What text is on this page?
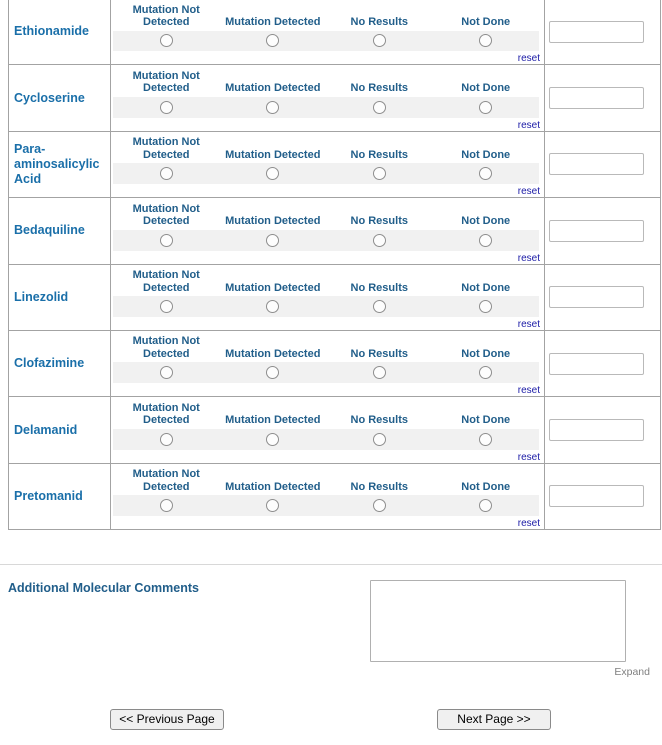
Ethionamide
Mutation Not Detected	Mutation Detected	No Results	Not Done
reset
Cycloserine
Mutation Not Detected	Mutation Detected	No Results	Not Done
reset
Para-aminosalicylic Acid
Mutation Not Detected	Mutation Detected	No Results	Not Done
reset
Bedaquiline
Mutation Not Detected	Mutation Detected	No Results	Not Done
reset
Linezolid
Mutation Not Detected	Mutation Detected	No Results	Not Done
reset
Clofazimine
Mutation Not Detected	Mutation Detected	No Results	Not Done
reset
Delamanid
Mutation Not Detected	Mutation Detected	No Results	Not Done
reset
Pretomanid
Mutation Not Detected	Mutation Detected	No Results	Not Done
reset
Additional Molecular Comments
Expand
<< Previous Page	Next Page >>
